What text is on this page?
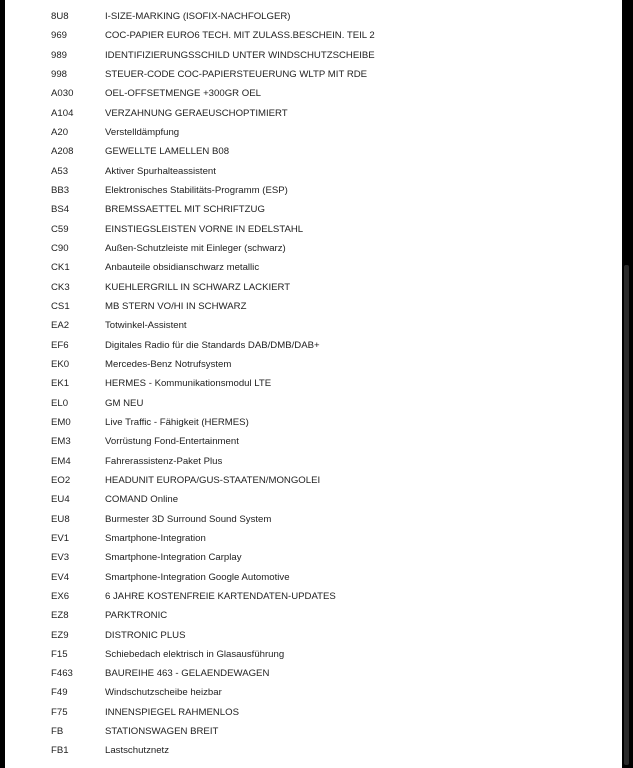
8U8	I-SIZE-MARKING (ISOFIX-NACHFOLGER)
969	COC-PAPIER EURO6 TECH. MIT ZULASS.BESCHEIN. TEIL 2
989	IDENTIFIZIERUNGSSCHILD UNTER WINDSCHUTZSCHEIBE
998	STEUER-CODE COC-PAPIERSTEUERUNG WLTP MIT RDE
A030	OEL-OFFSETMENGE +300GR OEL
A104	VERZAHNUNG GERAEUSCHOPTIMIERT
A20	Verstelldämpfung
A208	GEWELLTE LAMELLEN B08
A53	Aktiver Spurhalteassistent
BB3	Elektronisches Stabilitäts-Programm (ESP)
BS4	BREMSSAETTEL MIT SCHRIFTZUG
C59	EINSTIEGSLEISTEN VORNE IN EDELSTAHL
C90	Außen-Schutzleiste mit Einleger (schwarz)
CK1	Anbauteile obsidianschwarz metallic
CK3	KUEHLERGRILL IN SCHWARZ LACKIERT
CS1	MB STERN VO/HI IN SCHWARZ
EA2	Totwinkel-Assistent
EF6	Digitales Radio für die Standards DAB/DMB/DAB+
EK0	Mercedes-Benz Notrufsystem
EK1	HERMES - Kommunikationsmodul LTE
EL0	GM NEU
EM0	Live Traffic - Fähigkeit (HERMES)
EM3	Vorrüstung Fond-Entertainment
EM4	Fahrerassistenz-Paket Plus
EO2	HEADUNIT EUROPA/GUS-STAATEN/MONGOLEI
EU4	COMAND Online
EU8	Burmester 3D Surround Sound System
EV1	Smartphone-Integration
EV3	Smartphone-Integration Carplay
EV4	Smartphone-Integration Google Automotive
EX6	6 JAHRE KOSTENFREIE KARTENDATEN-UPDATES
EZ8	PARKTRONIC
EZ9	DISTRONIC PLUS
F15	Schiebedach elektrisch in Glasausführung
F463	BAUREIHE 463 - GELAENDEWAGEN
F49	Windschutzscheibe heizbar
F75	INNENSPIEGEL RAHMENLOS
FB	STATIONSWAGEN BREIT
FB1	Lastschutznetz
